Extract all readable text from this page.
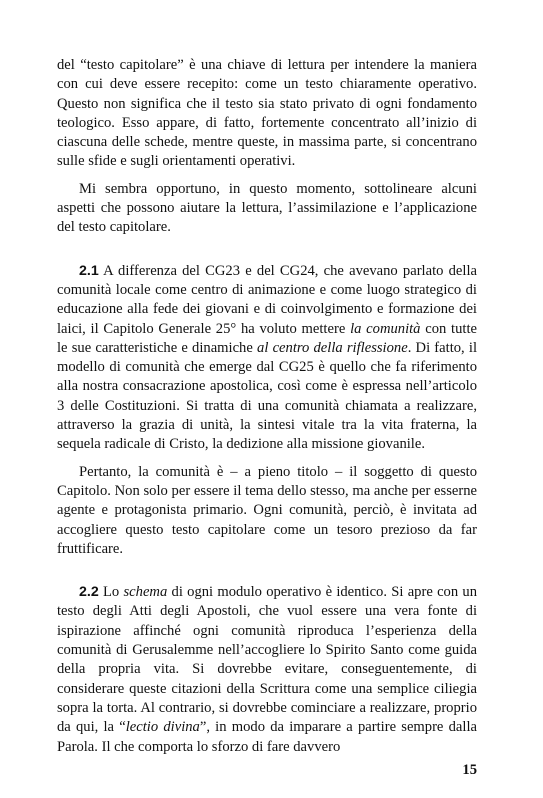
del “testo capitolare” è una chiave di lettura per intendere la maniera con cui deve essere recepito: come un testo chiaramente operativo. Questo non significa che il testo sia stato privato di ogni fondamento teologico. Esso appare, di fatto, fortemente concentrato all’inizio di ciascuna delle schede, mentre queste, in massima parte, si concentrano sulle sfide e sugli orientamenti operativi.

Mi sembra opportuno, in questo momento, sottolineare alcuni aspetti che possono aiutare la lettura, l’assimilazione e l’applicazione del testo capitolare.

2.1 A differenza del CG23 e del CG24, che avevano parlato della comunità locale come centro di animazione e come luogo strategico di educazione alla fede dei giovani e di coinvolgimento e formazione dei laici, il Capitolo Generale 25° ha voluto mettere la comunità con tutte le sue caratteristiche e dinamiche al centro della riflessione. Di fatto, il modello di comunità che emerge dal CG25 è quello che fa riferimento alla nostra consacrazione apostolica, così come è espressa nell’articolo 3 delle Costituzioni. Si tratta di una comunità chiamata a realizzare, attraverso la grazia di unità, la sintesi vitale tra la vita fraterna, la sequela radicale di Cristo, la dedizione alla missione giovanile.

Pertanto, la comunità è – a pieno titolo – il soggetto di questo Capitolo. Non solo per essere il tema dello stesso, ma anche per esserne agente e protagonista primario. Ogni comunità, perciò, è invitata ad accogliere questo testo capitolare come un tesoro prezioso da far fruttificare.

2.2 Lo schema di ogni modulo operativo è identico. Si apre con un testo degli Atti degli Apostoli, che vuol essere una vera fonte di ispirazione affinché ogni comunità riproduca l’esperienza della comunità di Gerusalemme nell’accogliere lo Spirito Santo come guida della propria vita. Si dovrebbe evitare, conseguentemente, di considerare queste citazioni della Scrittura come una semplice ciliegia sopra la torta. Al contrario, si dovrebbe cominciare a realizzare, proprio da qui, la “lectio divina”, in modo da imparare a partire sempre dalla Parola. Il che comporta lo sforzo di fare davvero

15
